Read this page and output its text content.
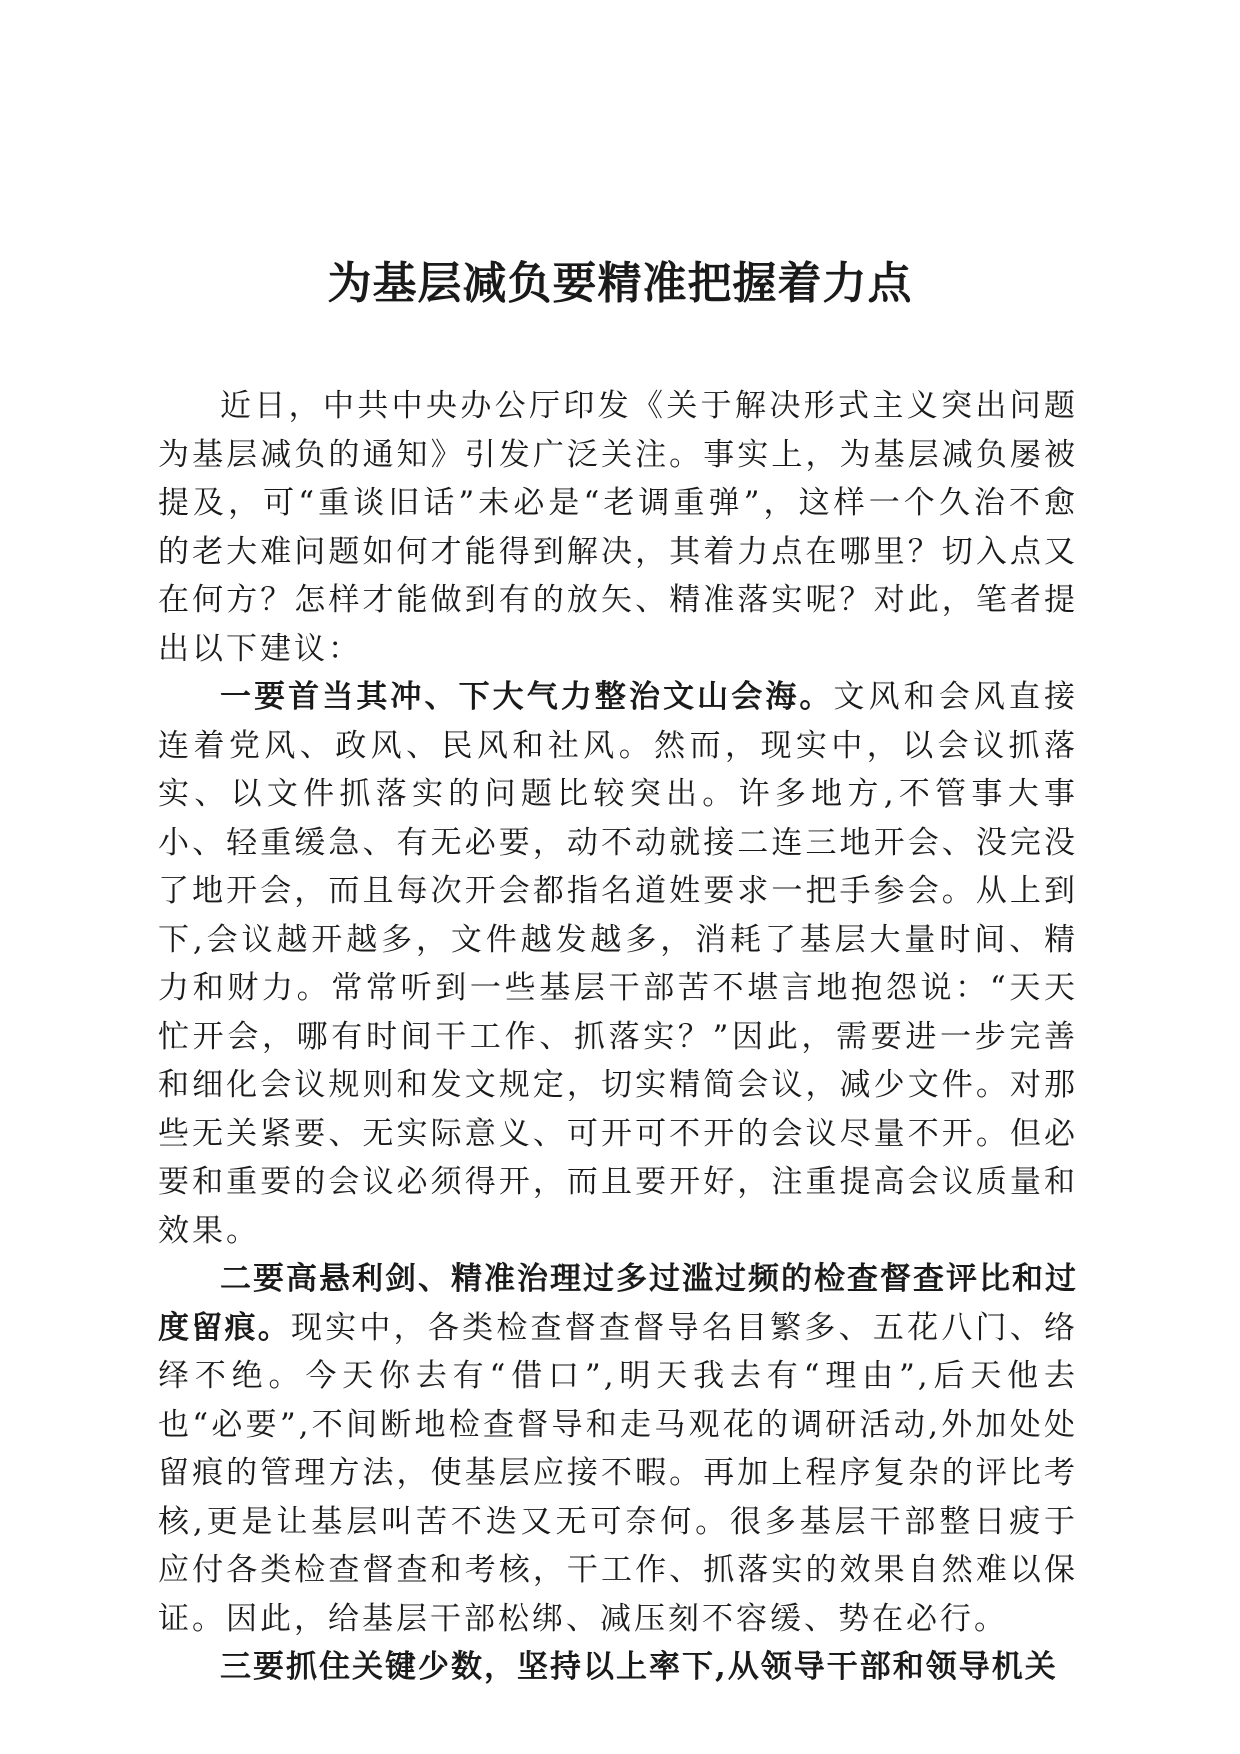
为基层减负要精准把握着力点

近日，中共中央办公厅印发《关于解决形式主义突出问题为基层减负的通知》引发广泛关注。事实上，为基层减负屡被提及，可“重谈旧话”未必是“老调重弹”，这样一个久治不愈的老大难问题如何才能得到解决，其着力点在哪里？切入点又在何方？怎样才能做到有的放矢、精准落实呢？对此，笔者提出以下建议：

一要首当其冲、下大气力整治文山会海。文风和会风直接连着党风、政风、民风和社风。然而，现实中，以会议抓落实、以文件抓落实的问题比较突出。许多地方,不管事大事小、轻重缓急、有无必要，动不动就接二连三地开会、没完没了地开会，而且每次开会都指名道姓要求一把手参会。从上到下,会议越开越多，文件越发越多，消耗了基层大量时间、精力和财力。常常听到一些基层干部苦不堪言地抱怨说：“天天忙开会，哪有时间干工作、抓落实？”因此，需要进一步完善和细化会议规则和发文规定，切实精简会议，减少文件。对那些无关紧要、无实际意义、可开可不开的会议尽量不开。但必要和重要的会议必须得开，而且要开好，注重提高会议质量和效果。

二要高悬利剑、精准治理过多过滥过频的检查督查评比和过度留痕。现实中，各类检查督查督导名目繁多、五花八门、络绎不绝。今天你去有“借口”,明天我去有“理由”,后天他去也“必要”,不间断地检查督导和走马观花的调研活动,外加处处留痕的管理方法，使基层应接不暇。再加上程序复杂的评比考核,更是让基层叫苦不迭又无可奈何。很多基层干部整日疲于应付各类检查督查和考核，干工作、抓落实的效果自然难以保证。因此，给基层干部松绑、减压刻不容缓、势在必行。

三要抓住关键少数，坚持以上率下,从领导干部和领导机关
